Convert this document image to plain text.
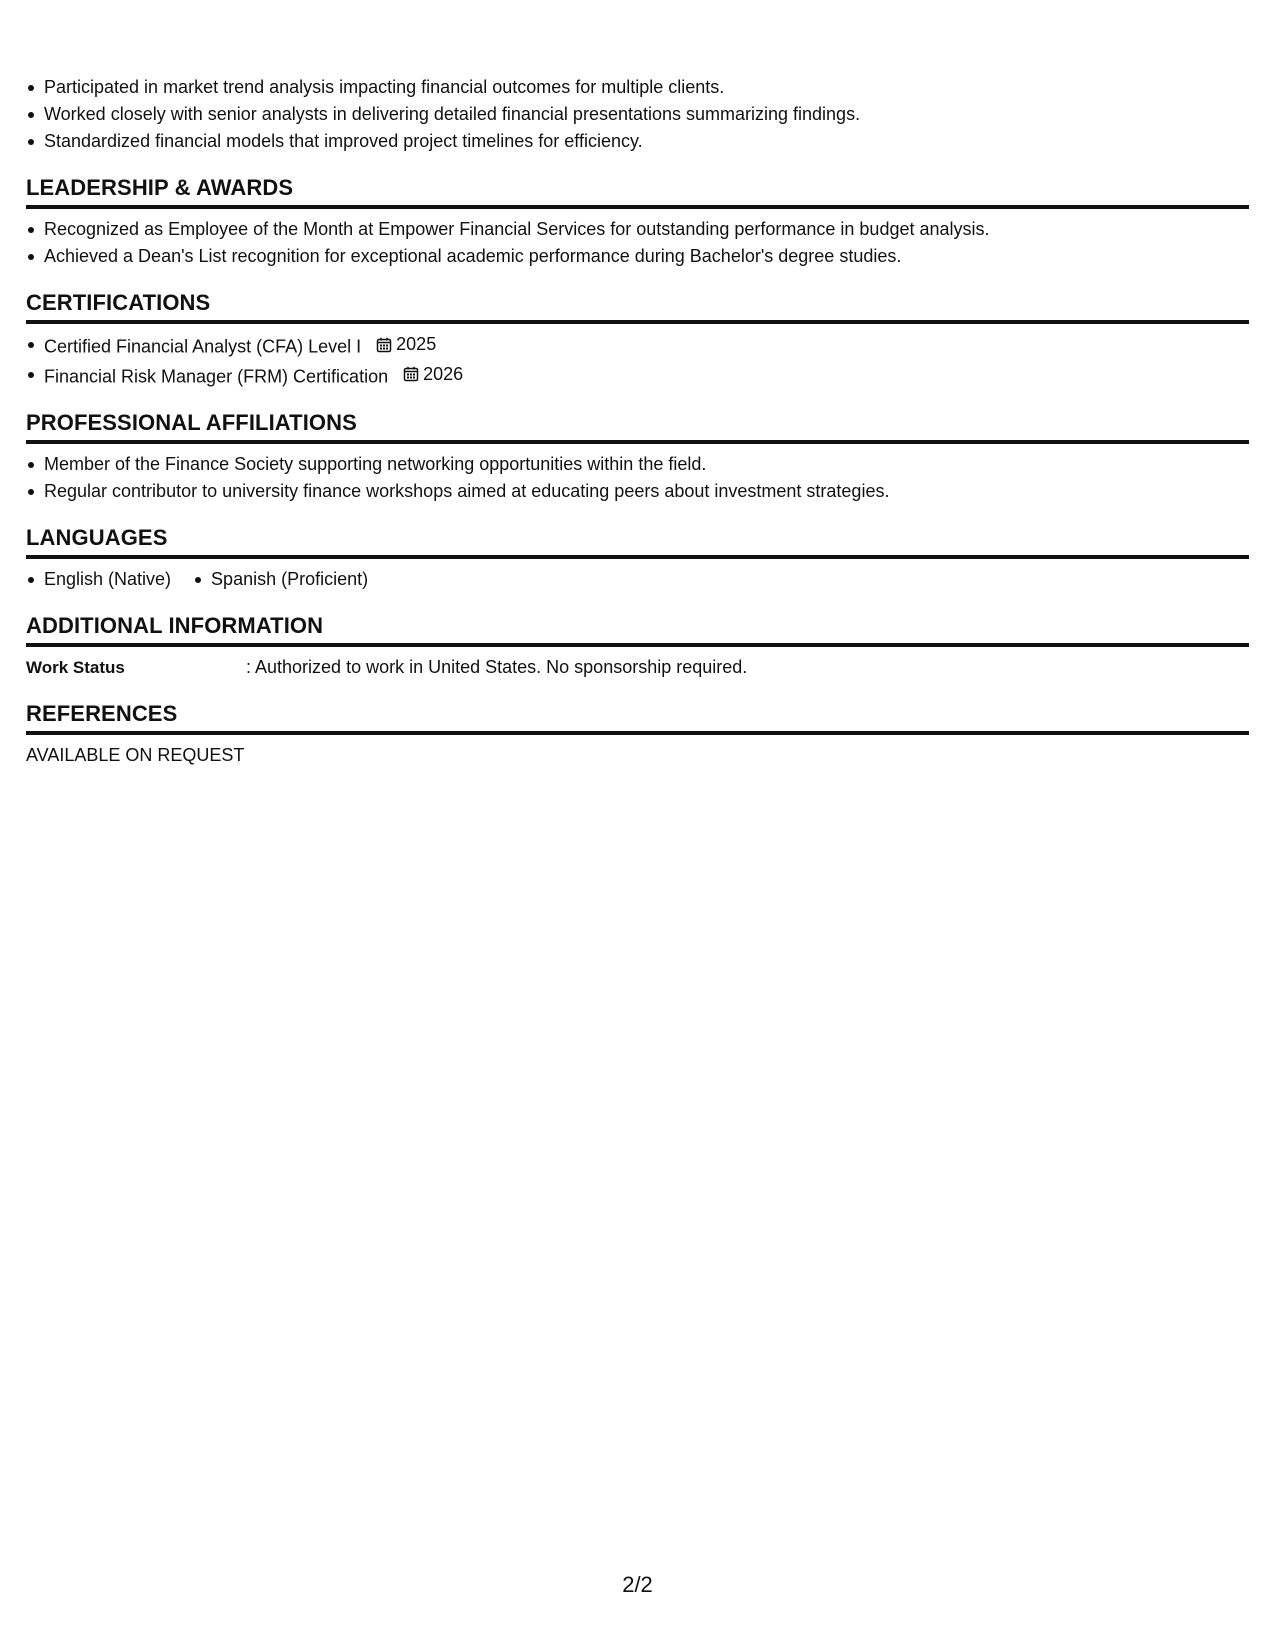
Participated in market trend analysis impacting financial outcomes for multiple clients.
Worked closely with senior analysts in delivering detailed financial presentations summarizing findings.
Standardized financial models that improved project timelines for efficiency.
LEADERSHIP & AWARDS
Recognized as Employee of the Month at Empower Financial Services for outstanding performance in budget analysis.
Achieved a Dean's List recognition for exceptional academic performance during Bachelor's degree studies.
CERTIFICATIONS
Certified Financial Analyst (CFA) Level I 2025
Financial Risk Manager (FRM) Certification 2026
PROFESSIONAL AFFILIATIONS
Member of the Finance Society supporting networking opportunities within the field.
Regular contributor to university finance workshops aimed at educating peers about investment strategies.
LANGUAGES
English (Native)	Spanish (Proficient)
ADDITIONAL INFORMATION
Work Status	: Authorized to work in United States. No sponsorship required.
REFERENCES
AVAILABLE ON REQUEST
2/2
